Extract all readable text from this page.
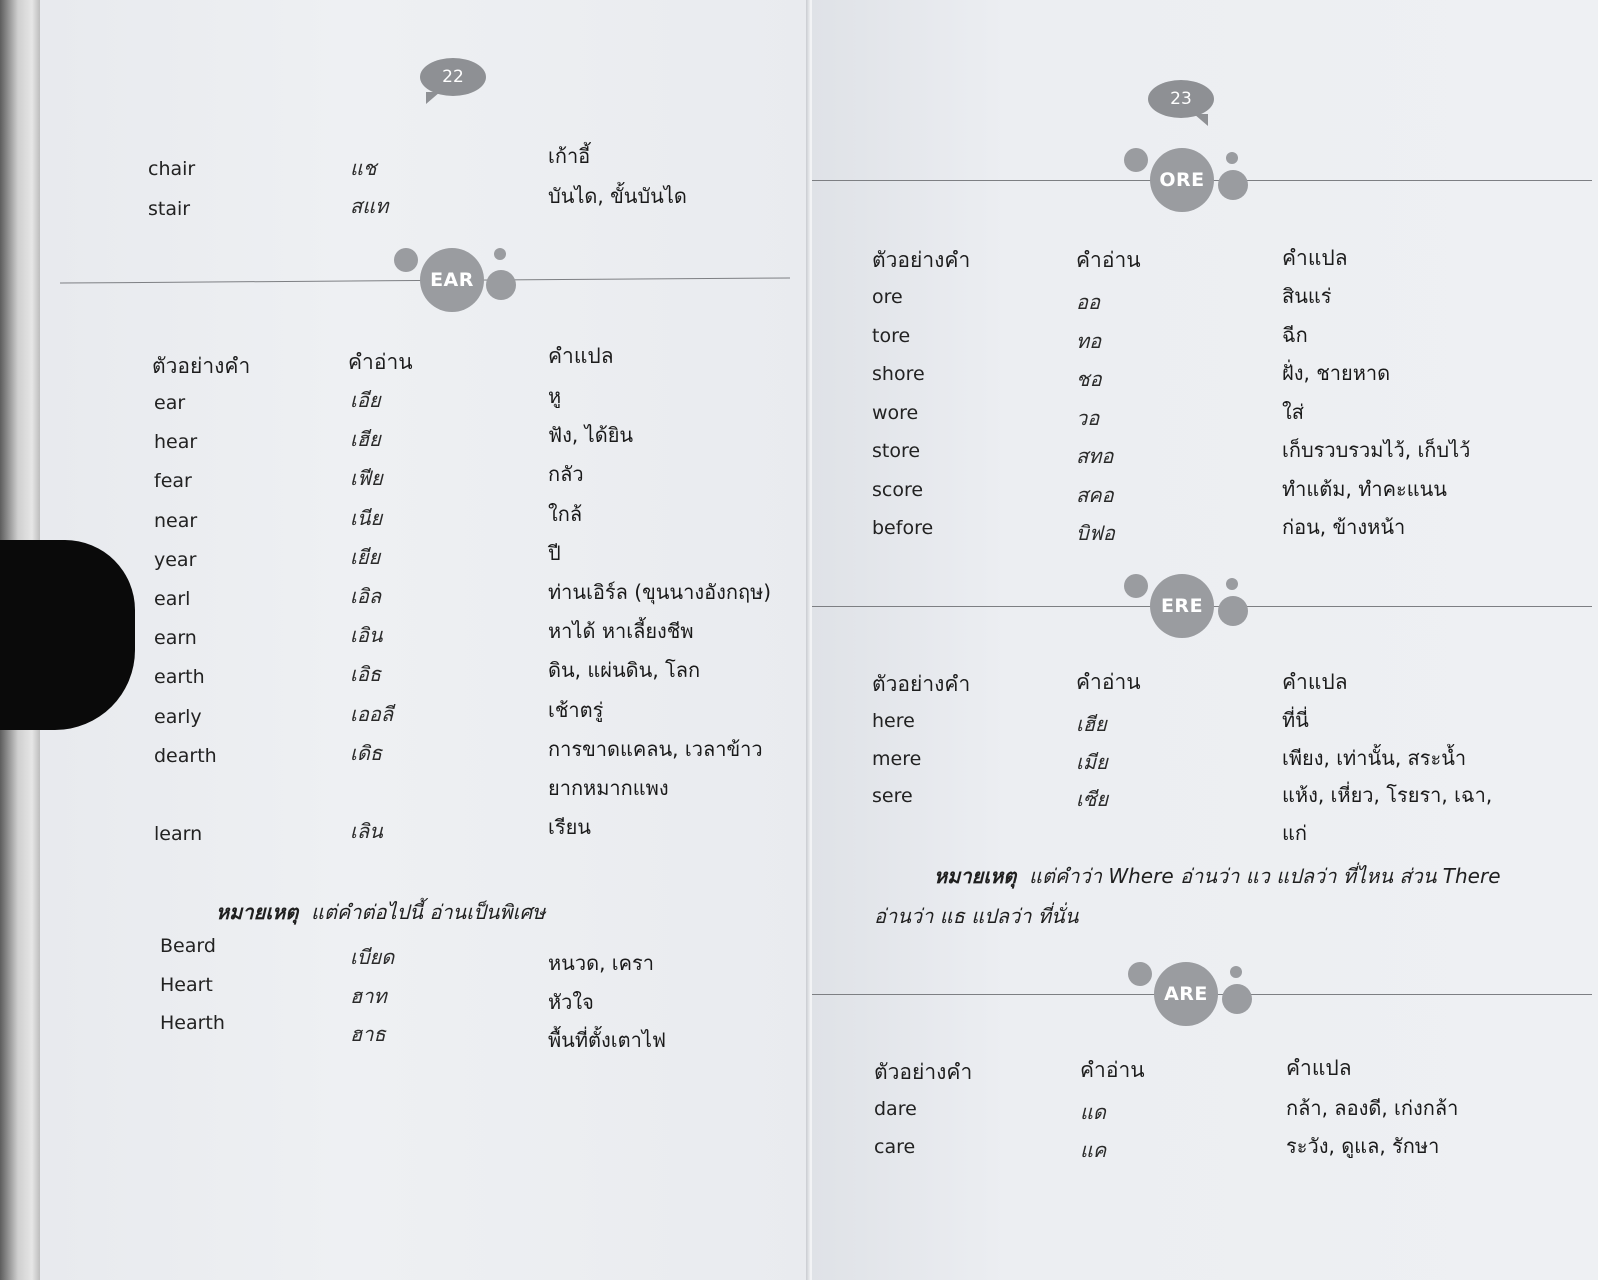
22
chair	แช	เก้าอี้
stair	สแท	บันได, ขั้นบันได
EAR
ตัวอย่างคำ	คำอ่าน	คำแปล
ear	เอีย	หู
hear	เฮีย	ฟัง, ได้ยิน
fear	เฟีย	กลัว
near	เนีย	ใกล้
year	เยีย	ปี
earl	เอิล	ท่านเอิร์ล (ขุนนางอังกฤษ)
earn	เอิน	หาได้ หาเลี้ยงชีพ
earth	เอิธ	ดิน, แผ่นดิน, โลก
early	เออลี	เช้าตรู่
dearth	เดิธ	การขาดแคลน, เวลาข้าว
ยากหมากแพง
learn	เลิน	เรียน
หมายเหตุ แต่คำต่อไปนี้ อ่านเป็นพิเศษ
Beard	เบียด	หนวด, เครา
Heart	ฮาท	หัวใจ
Hearth	ฮาธ	พื้นที่ตั้งเตาไฟ
23
ORE
ตัวอย่างคำ	คำอ่าน	คำแปล
ore	ออ	สินแร่
tore	ทอ	ฉีก
shore	ชอ	ฝั่ง, ชายหาด
wore	วอ	ใส่
store	สทอ	เก็บรวบรวมไว้, เก็บไว้
score	สคอ	ทำแต้ม, ทำคะแนน
before	บิฟอ	ก่อน, ข้างหน้า
ERE
ตัวอย่างคำ	คำอ่าน	คำแปล
here	เฮีย	ที่นี่
mere	เมีย	เพียง, เท่านั้น, สระน้ำ
sere	เซีย	แห้ง, เหี่ยว, โรยรา, เฉา,
แก่
หมายเหตุ แต่คำว่า Where อ่านว่า แว แปลว่า ที่ไหน ส่วน There
อ่านว่า แธ แปลว่า ที่นั่น
ARE
ตัวอย่างคำ	คำอ่าน	คำแปล
dare	แด	กล้า, ลองดี, เก่งกล้า
care	แค	ระวัง, ดูแล, รักษา
